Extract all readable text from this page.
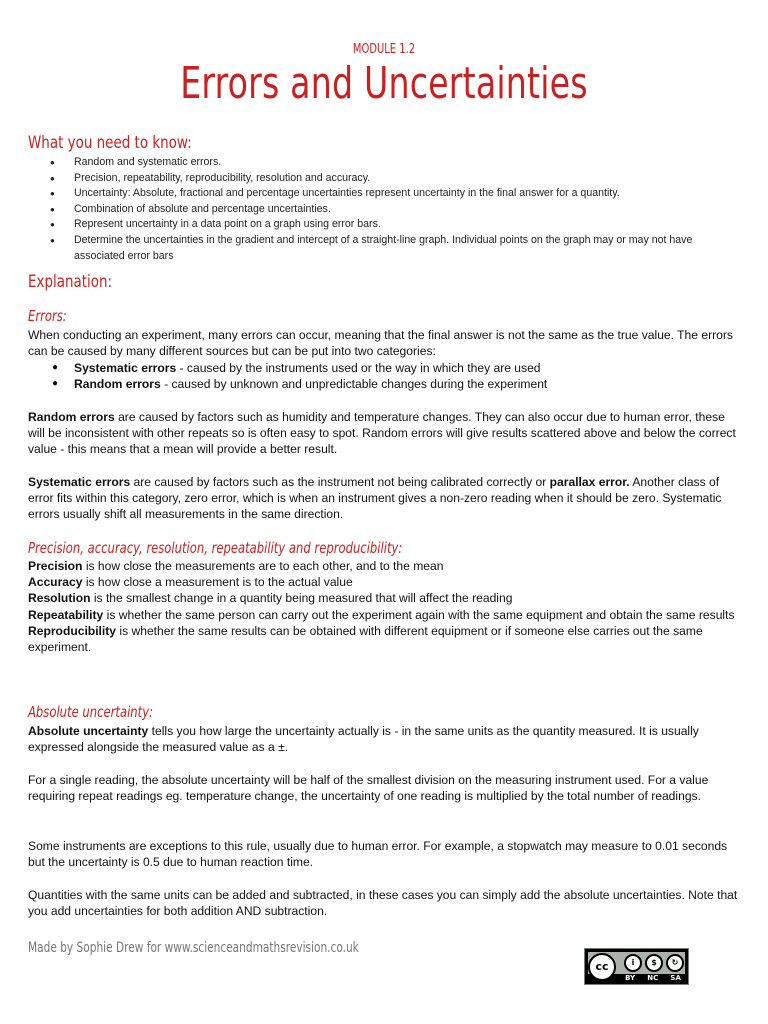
MODULE 1.2
Errors and Uncertainties
What you need to know:
● Random and systematic errors.
● Precision, repeatability, reproducibility, resolution and accuracy.
● Uncertainty: Absolute, fractional and percentage uncertainties represent uncertainty in the final answer for a quantity.
● Combination of absolute and percentage uncertainties.
● Represent uncertainty in a data point on a graph using error bars.
● Determine the uncertainties in the gradient and intercept of a straight-line graph. Individual points on the graph may or may not have associated error bars
Explanation:
Errors:

When conducting an experiment, many errors can occur, meaning that the final answer is not the same as the true value. The errors can be caused by many different sources but can be put into two categories:

● Systematic errors - caused by the instruments used or the way in which they are used
● Random errors - caused by unknown and unpredictable changes during the experiment

Random errors are caused by factors such as humidity and temperature changes. They can also occur due to human error, these will be inconsistent with other repeats so is often easy to spot. Random errors will give results scattered above and below the correct value - this means that a mean will provide a better result.

Systematic errors are caused by factors such as the instrument not being calibrated correctly or parallax error. Another class of error fits within this category, zero error, which is when an instrument gives a non-zero reading when it should be zero. Systematic errors usually shift all measurements in the same direction.

Precision, accuracy, resolution, repeatability and reproducibility:
Precision is how close the measurements are to each other, and to the mean
Accuracy is how close a measurement is to the actual value
Resolution is the smallest change in a quantity being measured that will affect the reading
Repeatability is whether the same person can carry out the experiment again with the same equipment and obtain the same results
Reproducibility is whether the same results can be obtained with different equipment or if someone else carries out the same experiment.
Absolute uncertainty:

Absolute uncertainty tells you how large the uncertainty actually is - in the same units as the quantity measured. It is usually expressed alongside the measured value as a ±.

For a single reading, the absolute uncertainty will be half of the smallest division on the measuring instrument used. For a value requiring repeat readings eg. temperature change, the uncertainty of one reading is multiplied by the total number of readings.

Some instruments are exceptions to this rule, usually due to human error. For example, a stopwatch may measure to 0.01 seconds but the uncertainty is 0.5 due to human reaction time.

Quantities with the same units can be added and subtracted, in these cases you can simply add the absolute uncertainties. Note that you add uncertainties for both addition AND subtraction.

Made by Sophie Drew for www.scienceandmathsrevision.co.uk
cc	i	$	↻
BY NC SA
